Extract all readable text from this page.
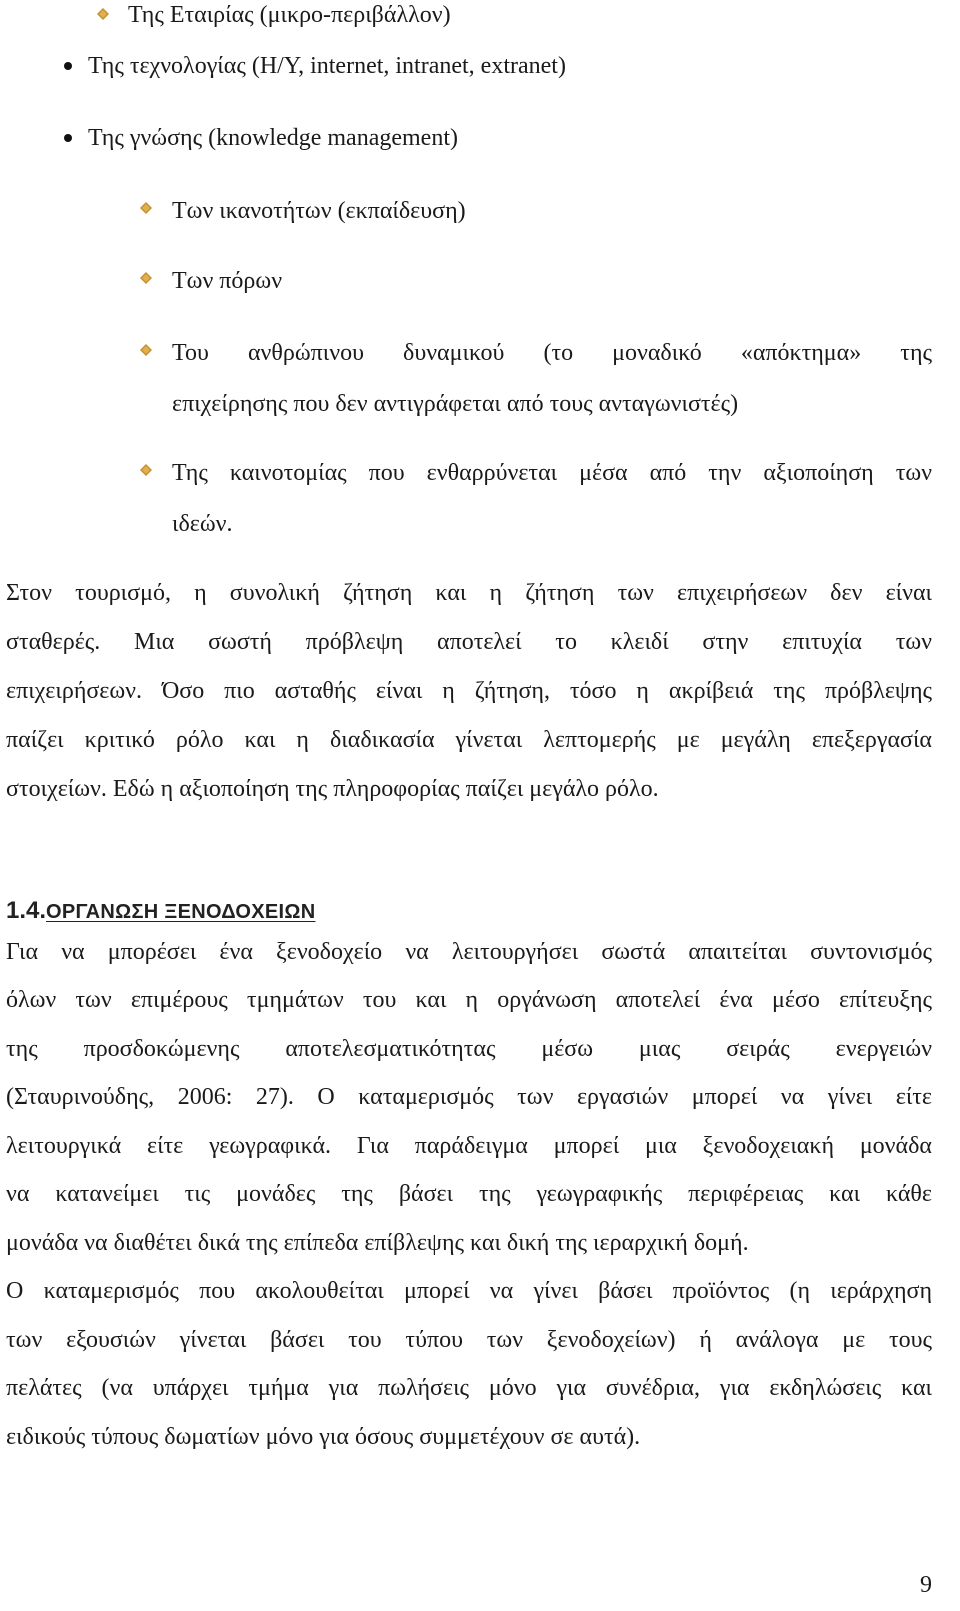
Της Εταιρίας (μικρο-περιβάλλον)
Της τεχνολογίας (Η/Υ, internet, intranet, extranet)
Της γνώσης (knowledge management)
Των ικανοτήτων (εκπαίδευση)
Των πόρων
Του ανθρώπινου δυναμικού (το μοναδικό «απόκτημα» της
επιχείρησης που δεν αντιγράφεται από τους ανταγωνιστές)
Της καινοτομίας που ενθαρρύνεται μέσα από την αξιοποίηση των
ιδεών.
Στον τουρισμό, η συνολική ζήτηση και η ζήτηση των επιχειρήσεων δεν είναι
σταθερές. Μια σωστή πρόβλεψη αποτελεί το κλειδί στην επιτυχία των
επιχειρήσεων. Όσο πιο ασταθής είναι η ζήτηση, τόσο η ακρίβειά της πρόβλεψης
παίζει κριτικό ρόλο και η διαδικασία γίνεται λεπτομερής με μεγάλη επεξεργασία
στοιχείων. Εδώ η αξιοποίηση της πληροφορίας παίζει μεγάλο ρόλο.
1.4.ΟΡΓΑΝΩΣΗ ΞΕΝΟΔΟΧΕΙΩΝ
Για να μπορέσει ένα ξενοδοχείο να λειτουργήσει σωστά απαιτείται συντονισμός
όλων των επιμέρους τμημάτων του και η οργάνωση αποτελεί ένα μέσο επίτευξης
της προσδοκώμενης αποτελεσματικότητας μέσω μιας σειράς ενεργειών
(Σταυρινούδης, 2006: 27). Ο καταμερισμός των εργασιών μπορεί να γίνει είτε
λειτουργικά είτε γεωγραφικά. Για παράδειγμα μπορεί μια ξενοδοχειακή μονάδα
να κατανείμει τις μονάδες της βάσει της γεωγραφικής περιφέρειας και κάθε
μονάδα να διαθέτει δικά της επίπεδα επίβλεψης και δική της ιεραρχική δομή.
Ο καταμερισμός που ακολουθείται μπορεί να γίνει βάσει προϊόντος (η ιεράρχηση
των εξουσιών γίνεται βάσει του τύπου των ξενοδοχείων) ή ανάλογα με τους
πελάτες (να υπάρχει τμήμα για πωλήσεις μόνο για συνέδρια, για εκδηλώσεις και
ειδικούς τύπους δωματίων μόνο για όσους συμμετέχουν σε αυτά).
9
